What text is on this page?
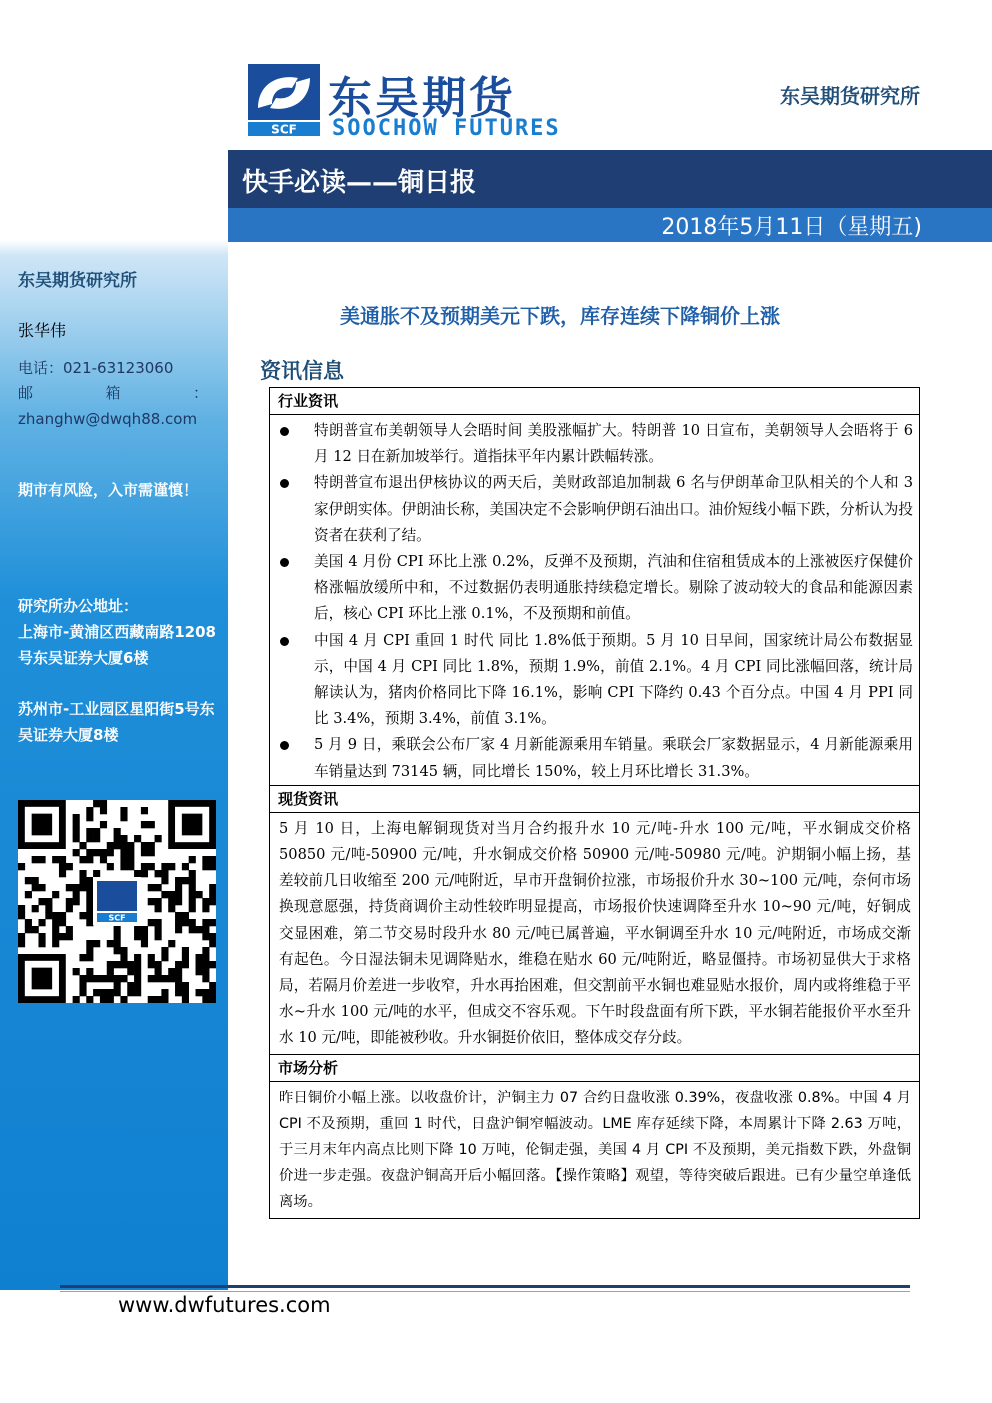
东吴期货研究所
张华伟
电话：021-63123060
邮	箱	：
zhanghw@dwqh88.com
期市有风险，入市需谨慎！
研究所办公地址：
上海市-黄浦区西藏南路1208号东吴证券大厦6楼
苏州市-工业园区星阳街5号东吴证券大厦8楼
SCF
SCF
东吴期货
SOOCHOW FUTURES
东吴期货研究所
快手必读——铜日报
2018年5月11日（星期五)
美通胀不及预期美元下跌，库存连续下降铜价上涨
资讯信息
行业资讯
特朗普宣布美朝领导人会晤时间 美股涨幅扩大。特朗普 10 日宣布，美朝领导人会晤将于 6 月 12 日在新加坡举行。道指抹平年内累计跌幅转涨。
特朗普宣布退出伊核协议的两天后，美财政部追加制裁 6 名与伊朗革命卫队相关的个人和 3 家伊朗实体。伊朗油长称，美国决定不会影响伊朗石油出口。油价短线小幅下跌，分析认为投资者在获利了结。
美国 4 月份 CPI 环比上涨 0.2%，反弹不及预期，汽油和住宿租赁成本的上涨被医疗保健价格涨幅放缓所中和，不过数据仍表明通胀持续稳定增长。剔除了波动较大的食品和能源因素后，核心 CPI 环比上涨 0.1%，不及预期和前值。
中国 4 月 CPI 重回 1 时代 同比 1.8%低于预期。5 月 10 日早间，国家统计局公布数据显示，中国 4 月 CPI 同比 1.8%，预期 1.9%，前值 2.1%。4 月 CPI 同比涨幅回落，统计局解读认为，猪肉价格同比下降 16.1%，影响 CPI 下降约 0.43 个百分点。中国 4 月 PPI 同比 3.4%，预期 3.4%，前值 3.1%。
5 月 9 日，乘联会公布厂家 4 月新能源乘用车销量。乘联会厂家数据显示，4 月新能源乘用车销量达到 73145 辆，同比增长 150%，较上月环比增长 31.3%。
现货资讯
5 月 10 日，上海电解铜现货对当月合约报升水 10 元/吨-升水 100 元/吨，平水铜成交价格 50850 元/吨-50900 元/吨，升水铜成交价格 50900 元/吨-50980 元/吨。沪期铜小幅上扬，基差较前几日收缩至 200 元/吨附近，早市开盘铜价拉涨，市场报价升水 30~100 元/吨，奈何市场换现意愿强，持货商调价主动性较昨明显提高，市场报价快速调降至升水 10~90 元/吨，好铜成交显困难，第二节交易时段升水 80 元/吨已属普遍，平水铜调至升水 10 元/吨附近，市场成交渐有起色。今日湿法铜未见调降贴水，维稳在贴水 60 元/吨附近，略显僵持。市场初显供大于求格局，若隔月价差进一步收窄，升水再抬困难，但交割前平水铜也难显贴水报价，周内或将维稳于平水~升水 100 元/吨的水平，但成交不容乐观。下午时段盘面有所下跌，平水铜若能报价平水至升水 10 元/吨，即能被秒收。升水铜挺价依旧，整体成交存分歧。
市场分析
昨日铜价小幅上涨。以收盘价计，沪铜主力 07 合约日盘收涨 0.39%，夜盘收涨 0.8%。中国 4 月 CPI 不及预期，重回 1 时代，日盘沪铜窄幅波动。LME 库存延续下降，本周累计下降 2.63 万吨，于三月末年内高点比则下降 10 万吨，伦铜走强，美国 4 月 CPI 不及预期，美元指数下跌，外盘铜价进一步走强。夜盘沪铜高开后小幅回落。【操作策略】观望，等待突破后跟进。已有少量空单逢低离场。
www.dwfutures.com
